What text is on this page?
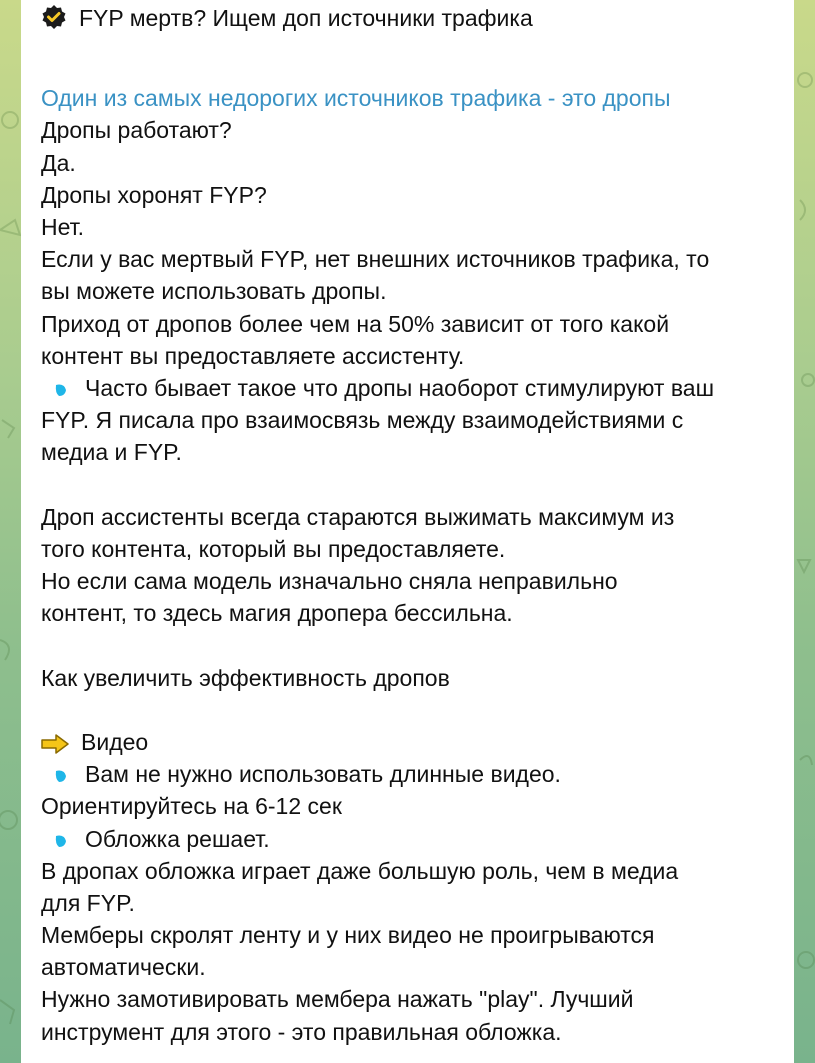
FYP мертв? Ищем доп источники трафика
Один из самых недорогих источников трафика - это дропы
Дропы работают?
Да.
Дропы хоронят FYP?
Нет.
Если у вас мертвый FYP, нет внешних источников трафика, то
вы можете использовать дропы.
Приход от дропов более чем на 50% зависит от того какой
контент вы предоставляете ассистенту.
Часто бывает такое что дропы наоборот стимулируют ваш
FYP. Я писала про взаимосвязь между взаимодействиями с
медиа и FYP.
Дроп ассистенты всегда стараются выжимать максимум из
того контента, который вы предоставляете.
Но если сама модель изначально сняла неправильно
контент, то здесь магия дропера бессильна.
Как увеличить эффективность дропов
Видео
Вам не нужно использовать длинные видео.
Ориентируйтесь на 6-12 сек
Обложка решает.
В дропах обложка играет даже большую роль, чем в медиа
для FYP.
Мемберы скролят ленту и у них видео не проигрываются
автоматически.
Нужно замотивировать мембера нажать "play". Лучший
инструмент для этого - это правильная обложка.
